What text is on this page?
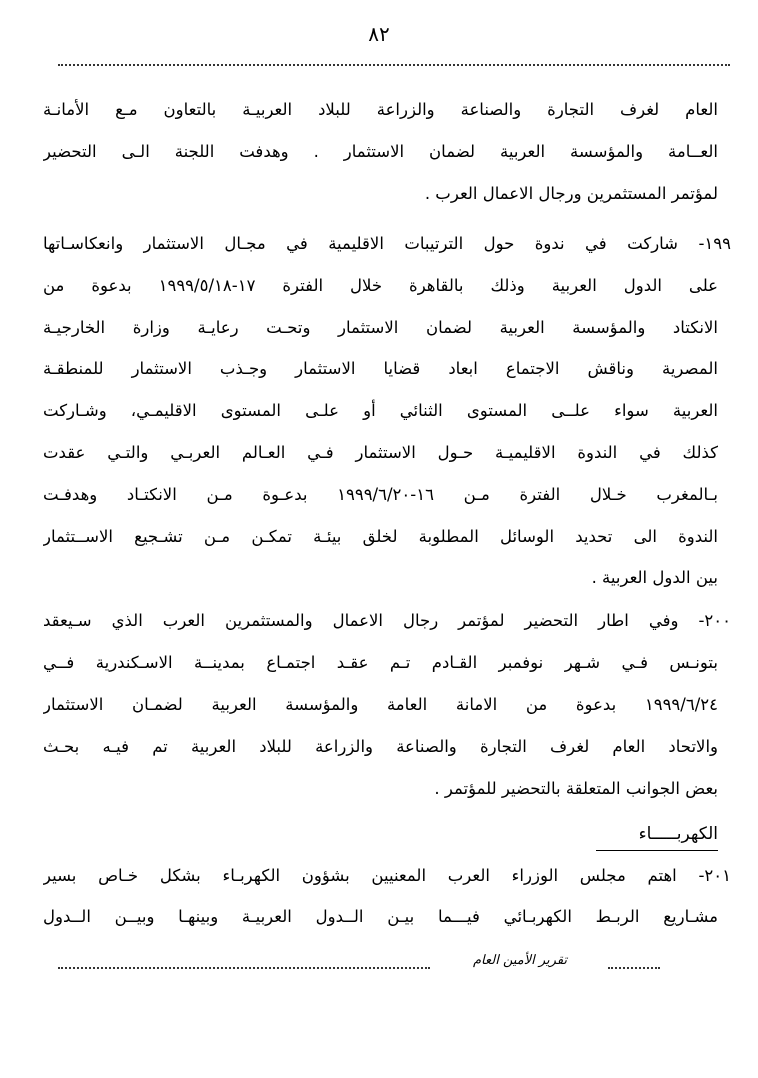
٨٢
العام لغرف التجارة والصناعة والزراعة للبلاد العربيـة بالتعاون مـع الأمانـة
العــامة والمؤسسة العربية لضمان الاستثمار . وهدفت اللجنة الـى التحضير
لمؤتمر المستثمرين ورجال الاعمال العرب .
١٩٩- شاركت في ندوة حول الترتيبات الاقليمية في مجـال الاستثمار وانعكاسـاتها
على الدول العربية وذلك بالقاهرة خلال الفترة ١٧-١٩٩٩/٥/١٨ بدعوة من
الانكتاد والمؤسسة العربية لضمان الاستثمار وتحـت رعايـة وزارة الخارجيـة
المصرية وناقش الاجتماع ابعاد قضايا الاستثمار وجـذب الاستثمار للمنطقـة
العربية سواء علــى المستوى الثنائي أو علـى المستوى الاقليمـي، وشـاركت
كذلك في الندوة الاقليميـة حـول الاستثمار فـي العـالم العربـي والتـي عقدت
بـالمغرب خـلال الفترة مـن ١٦-١٩٩٩/٦/٢٠ بدعـوة مـن الانكتـاد وهدفـت
الندوة الى تحديد الوسائل المطلوبة لخلق بيئـة تمكـن مـن تشـجيع الاســتثمار
بين الدول العربية .
٢٠٠- وفي اطار التحضير لمؤتمر رجال الاعمال والمستثمرين العرب الذي سـيعقد
بتونـس فـي شـهر نوفمبر القـادم تـم عقـد اجتمـاع بمدينــة الاسـكندرية فــي
١٩٩٩/٦/٢٤ بدعوة من الامانة العامة والمؤسسة العربية لضمـان الاستثمار
والاتحاد العام لغرف التجارة والصناعة والزراعة للبلاد العربية تم فيـه بحـث
بعض الجوانب المتعلقة بالتحضير للمؤتمر .
الكهربـــــاء
٢٠١- اهتم مجلس الوزراء العرب المعنيين بشؤون الكهربـاء بشكل خـاص بسير
مشـاريع الربـط الكهربـائي فيـــما بيـن الــدول العربيـة وبينهـا وبيــن الــدول
تقرير الأمين العام
